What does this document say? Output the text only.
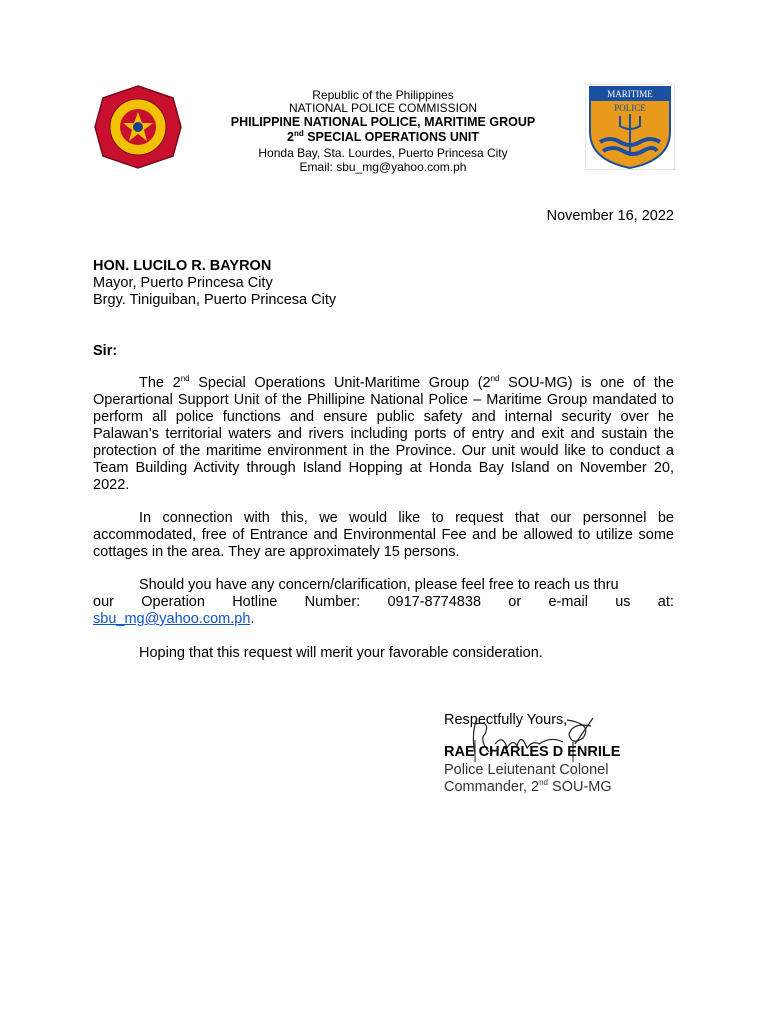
MARITIME
POLICE
Republic of the Philippines
NATIONAL POLICE COMMISSION
PHILIPPINE NATIONAL POLICE, MARITIME GROUP
2nd SPECIAL OPERATIONS UNIT
Honda Bay, Sta. Lourdes, Puerto Princesa City
Email: sbu_mg@yahoo.com.ph
November 16, 2022
HON. LUCILO R. BAYRON
Mayor, Puerto Princesa City
Brgy. Tiniguiban, Puerto Princesa City
Sir:

The 2nd Special Operations Unit-Maritime Group (2nd SOU-MG) is one of the Operartional Support Unit of the Phillipine National Police – Maritime Group mandated to perform all police functions and ensure public safety and internal security over he Palawan’s territorial waters and rivers including ports of entry and exit and sustain the protection of the maritime environment in the Province. Our unit would like to conduct a Team Building Activity through Island Hopping at Honda Bay Island on November 20, 2022.

In connection with this, we would like to request that our personnel be accommodated, free of Entrance and Environmental Fee and be allowed to utilize some cottages in the area. They are approximately 15 persons.

Should you have any concern/clarification, please feel free to reach us thru

our Operation Hotline Number: 0917-8774838 or e-mail us at:

sbu_mg@yahoo.com.ph.

Hoping that this request will merit your favorable consideration.

Respectfully Yours,
RAE CHARLES D ENRILE
Police Leiutenant Colonel
Commander, 2nd SOU-MG
